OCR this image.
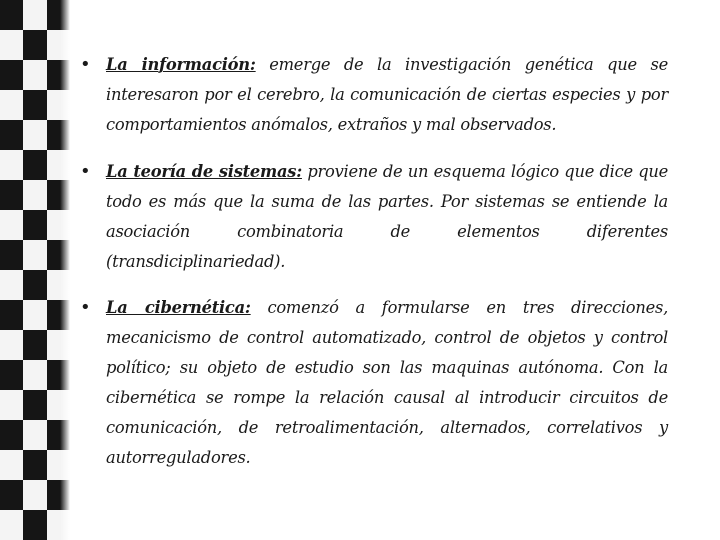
• La información: emerge de la investigación genética que se interesaron por el cerebro, la comunicación de ciertas especies y por comportamientos anómalos, extraños y mal observados.

• La teoría de sistemas: proviene de un esquema lógico que dice que todo es más que la suma de las partes. Por sistemas se entiende la asociación combinatoria de elementos diferentes (transdiciplinariedad).

• La cibernética: comenzó a formularse en tres direcciones, mecanicismo de control automatizado, control de objetos y control político; su objeto de estudio son las maquinas autónoma. Con la cibernética se rompe la relación causal al introducir circuitos de comunicación, de retroalimentación, alternados, correlativos y autorreguladores.
